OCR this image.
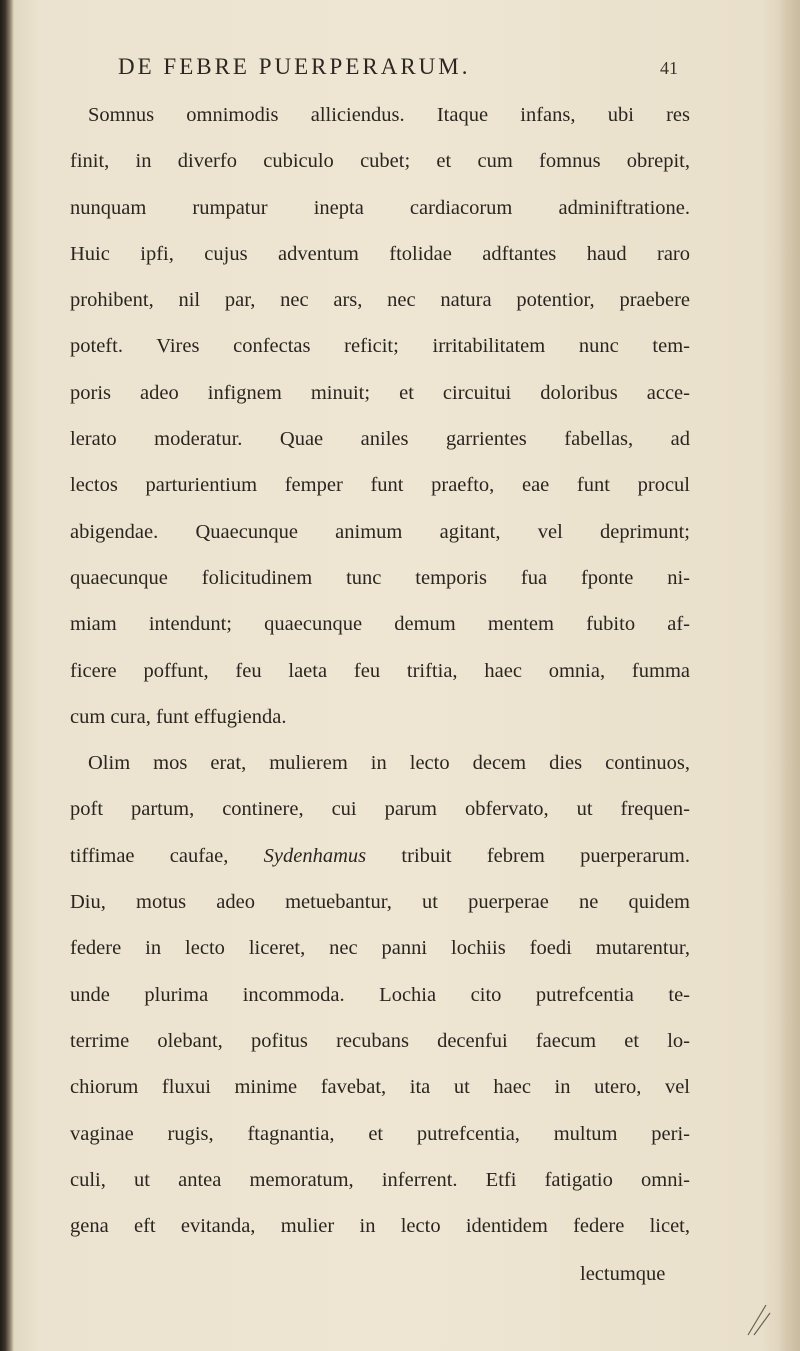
DE FEBRE PUERPERARUM.	41
Somnus omnimodis alliciendus. Itaque infans, ubi res
finit, in diverfo cubiculo cubet; et cum fomnus obrepit,
nunquam rumpatur inepta cardiacorum adminiftratione.
Huic ipfi, cujus adventum ftolidae adftantes haud raro
prohibent, nil par, nec ars, nec natura potentior, praebere
poteft. Vires confectas reficit; irritabilitatem nunc tem-
poris adeo infignem minuit; et circuitui doloribus acce-
lerato moderatur. Quae aniles garrientes fabellas, ad
lectos parturientium femper funt praefto, eae funt procul
abigendae. Quaecunque animum agitant, vel deprimunt;
quaecunque folicitudinem tunc temporis fua fponte ni-
miam intendunt; quaecunque demum mentem fubito af-
ficere poffunt, feu laeta feu triftia, haec omnia, fumma
cum cura, funt effugienda.
Olim mos erat, mulierem in lecto decem dies continuos,
poft partum, continere, cui parum obfervato, ut frequen-
tiffimae caufae, Sydenhamus tribuit febrem puerperarum.
Diu, motus adeo metuebantur, ut puerperae ne quidem
federe in lecto liceret, nec panni lochiis foedi mutarentur,
unde plurima incommoda. Lochia cito putrefcentia te-
terrime olebant, pofitus recubans decenfui faecum et lo-
chiorum fluxui minime favebat, ita ut haec in utero, vel
vaginae rugis, ftagnantia, et putrefcentia, multum peri-
culi, ut antea memoratum, inferrent. Etfi fatigatio omni-
gena eft evitanda, mulier in lecto identidem federe licet,
lectumque
